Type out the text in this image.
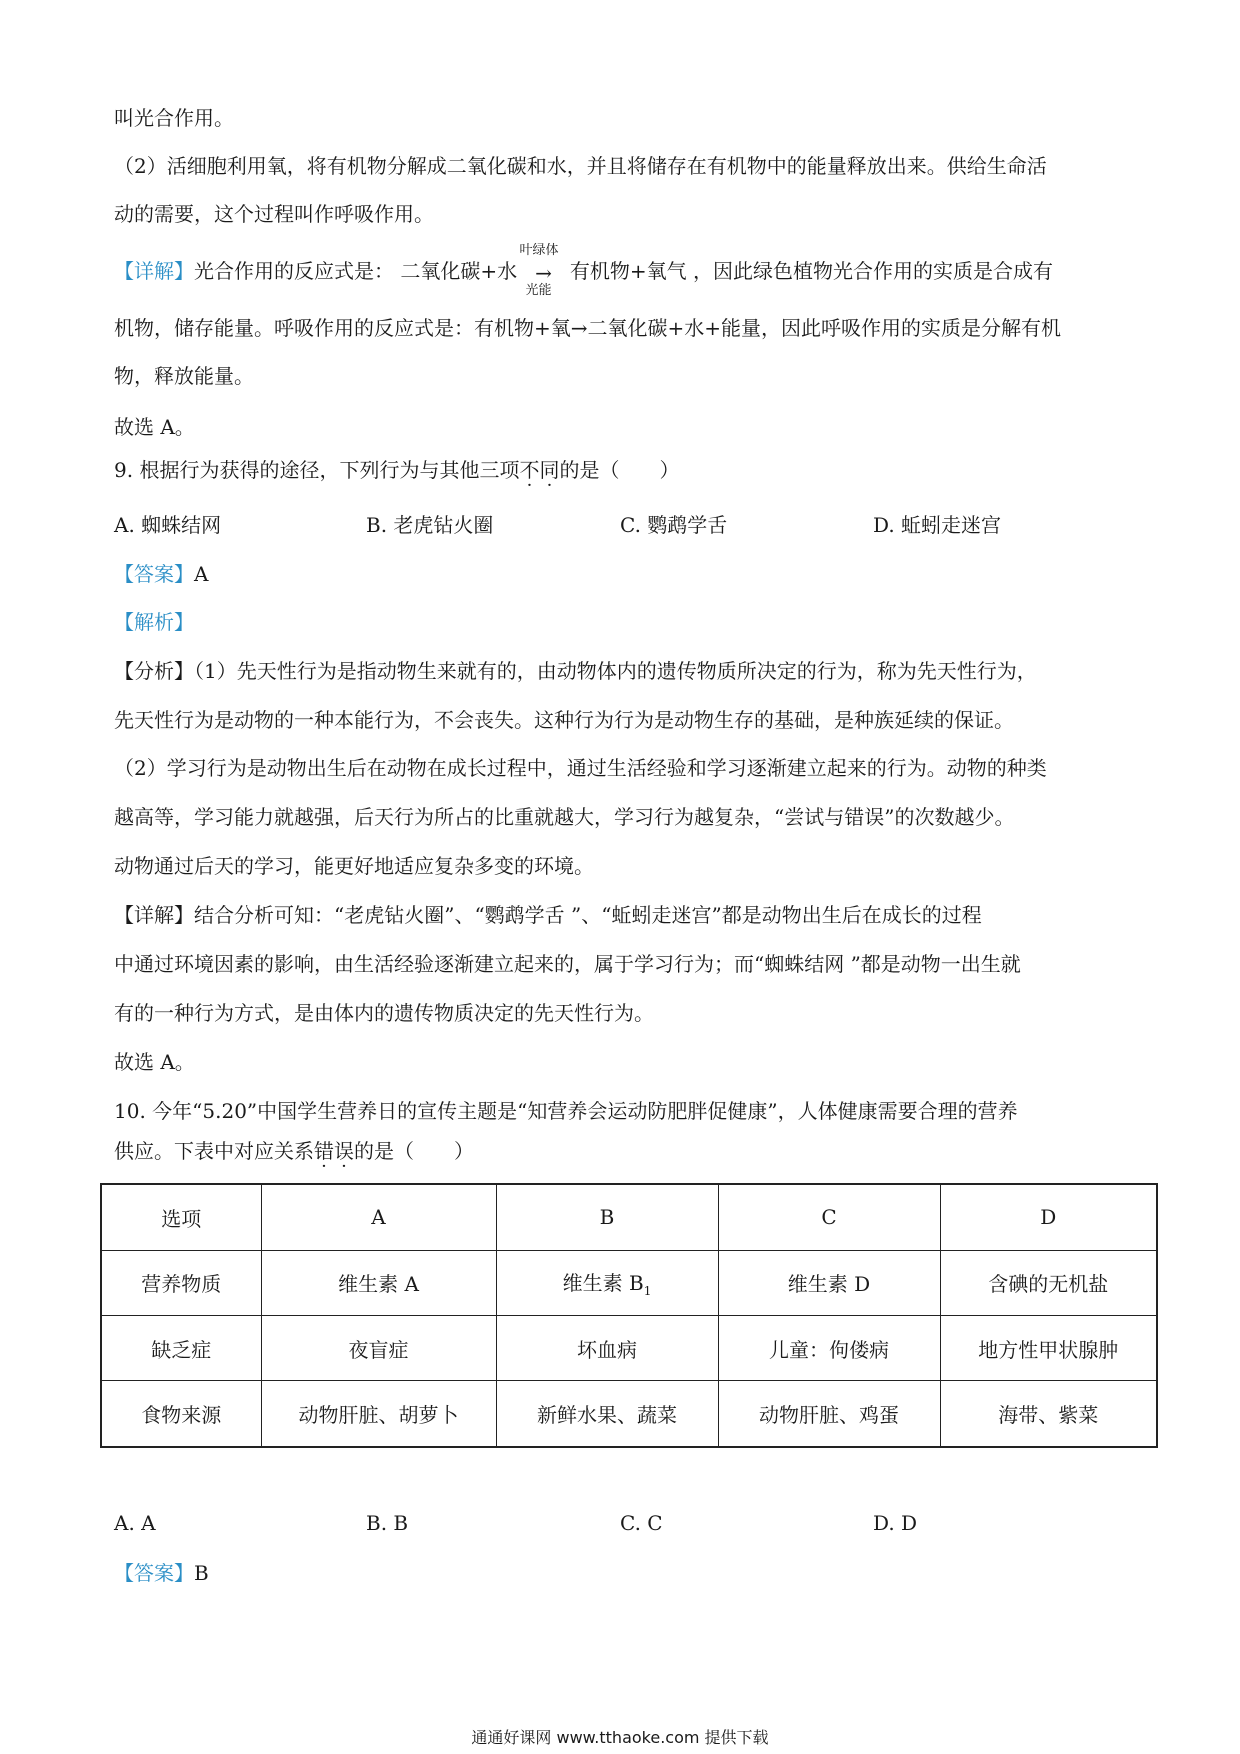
叫光合作用。
（2）活细胞利用氧，将有机物分解成二氧化碳和水，并且将储存在有机物中的能量释放出来。供给生命活
动的需要，这个过程叫作呼吸作用。
【详解】光合作用的反应式是： 二氧化碳+水
叶绿体
→
光能
有机物+氧气 ，因此绿色植物光合作用的实质是合成有
机物，储存能量。呼吸作用的反应式是：有机物+氧→二氧化碳+水+能量，因此呼吸作用的实质是分解有机
物，释放能量。
故选 A。
9. 根据行为获得的途径，下列行为与其他三项不同的是（　　）
A. 蜘蛛结网	B. 老虎钻火圈	C. 鹦鹉学舌	D. 蚯蚓走迷宫
【答案】A
【解析】
【分析】（1）先天性行为是指动物生来就有的，由动物体内的遗传物质所决定的行为，称为先天性行为，
先天性行为是动物的一种本能行为，不会丧失。这种行为行为是动物生存的基础，是种族延续的保证。
（2）学习行为是动物出生后在动物在成长过程中，通过生活经验和学习逐渐建立起来的行为。动物的种类
越高等，学习能力就越强，后天行为所占的比重就越大，学习行为越复杂，“尝试与错误”的次数越少。
动物通过后天的学习，能更好地适应复杂多变的环境。
【详解】结合分析可知：“老虎钻火圈”、“鹦鹉学舌 ”、“蚯蚓走迷宫”都是动物出生后在成长的过程
中通过环境因素的影响，由生活经验逐渐建立起来的，属于学习行为；而“蜘蛛结网 ”都是动物一出生就
有的一种行为方式，是由体内的遗传物质决定的先天性行为。
故选 A。
10. 今年“5.20”中国学生营养日的宣传主题是“知营养会运动防肥胖促健康”，人体健康需要合理的营养
供应。下表中对应关系错误的是（　　）
选项	A	B	C	D
营养物质	维生素 A	维生素 $B_1$	维生素 D	含碘的无机盐
缺乏症	夜盲症	坏血病	儿童：佝偻病	地方性甲状腺肿
食物来源	动物肝脏、胡萝卜	新鲜水果、蔬菜	动物肝脏、鸡蛋	海带、紫菜
A. A	B. B	C. C	D. D
【答案】B
通通好课网 www.tthaoke.com 提供下载
